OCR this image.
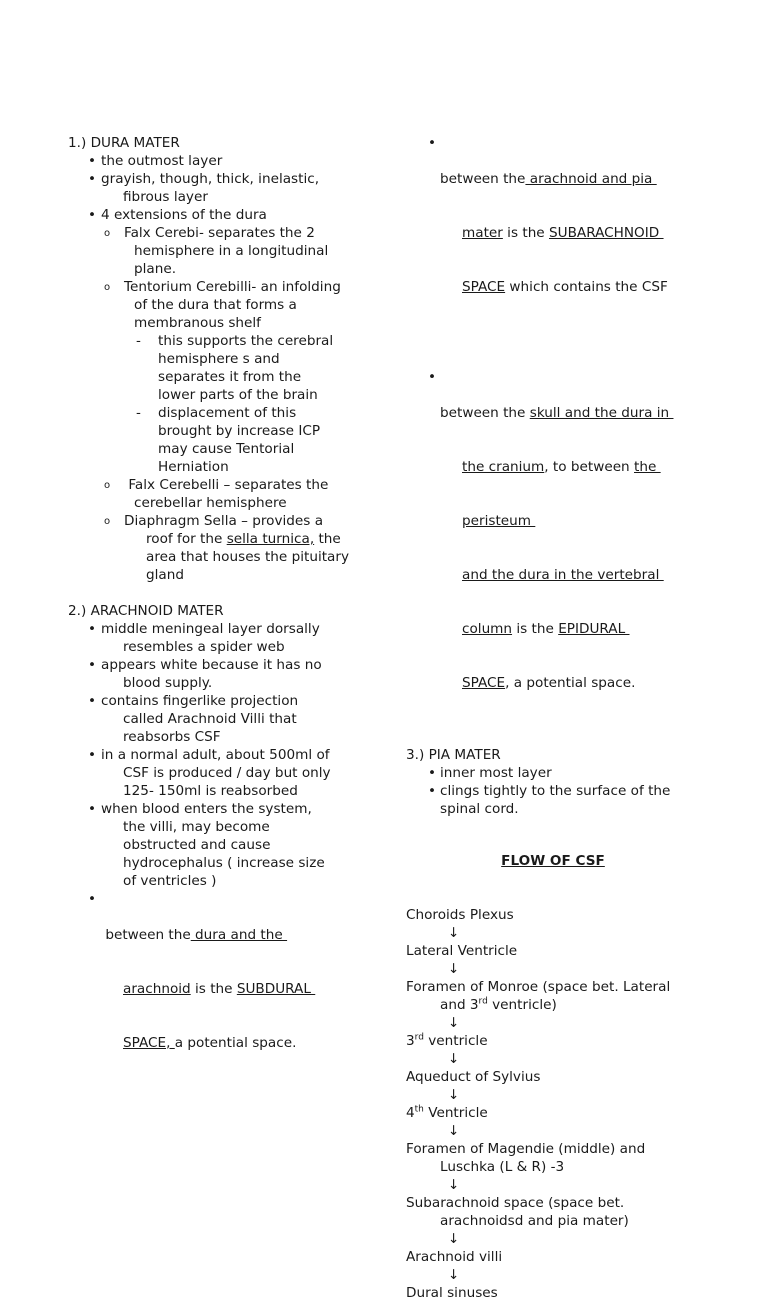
1.) DURA MATER
• the outmost layer
• grayish, though, thick, inelastic,
fibrous layer
• 4 extensions of the dura
o Falx Cerebi- separates the 2
hemisphere in a longitudinal
plane.
o Tentorium Cerebilli- an infolding
of the dura that forms a
membranous shelf
- this supports the cerebral
hemisphere s and
separates it from the
lower parts of the brain
- displacement of this
brought by increase ICP
may cause Tentorial
Herniation
o  Falx Cerebelli – separates the
cerebellar hemisphere
o Diaphragm Sella – provides a
roof for the sella turnica, the
area that houses the pituitary
gland
2.) ARACHNOID MATER
• middle meningeal layer dorsally
resembles a spider web
• appears white because it has no
blood supply.
• contains fingerlike projection
called Arachnoid Villi that
reabsorbs CSF
• in a normal adult, about 500ml of
CSF is produced / day but only
125- 150ml is reabsorbed
• when blood enters the system,
the villi, may become
obstructed and cause
hydrocephalus ( increase size
of ventricles )

•  between the dura and the

arachnoid is the SUBDURAL

SPACE, a potential space.

• between the arachnoid and pia

mater is the SUBARACHNOID

SPACE which contains the CSF

• between the skull and the dura in

the cranium, to between the

peristeum

and the dura in the vertebral

column is the EPIDURAL

SPACE, a potential space.

3.) PIA MATER
• inner most layer
• clings tightly to the surface of the
spinal cord.
FLOW OF CSF
Choroids Plexus
↓
Lateral Ventricle
↓
Foramen of Monroe (space bet. Lateral
and 3rd ventricle)
↓
3rd ventricle
↓
Aqueduct of Sylvius
↓
4th Ventricle
↓
Foramen of Magendie (middle) and
Luschka (L & R) -3
↓
Subarachnoid space (space bet.
arachnoidsd and pia mater)
↓
Arachnoid villi
↓
Dural sinuses
